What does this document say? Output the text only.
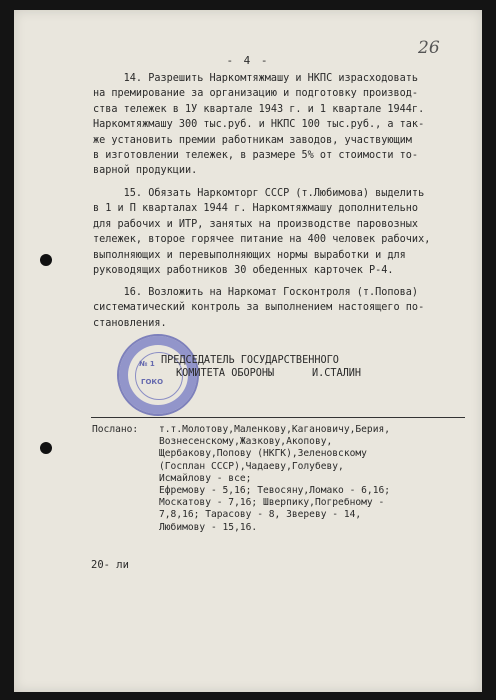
- 4 -
26
14. Разрешить Наркомтяжмашу и НКПС израсходовать
на премирование за организацию и подготовку производ-
ства тележек в 1У квартале 1943 г. и 1 квартале 1944г.
Наркомтяжмашу 300 тыс.руб. и НКПС 100 тыс.руб., а так-
же установить премии работникам заводов, участвующим
в изготовлении тележек, в размере 5% от стоимости то-
варной продукции.
15. Обязать Наркомторг СССР (т.Любимова) выделить
в 1 и П кварталах 1944 г. Наркомтяжмашу дополнительно
для рабочих и ИТР, занятых на производстве паровозных
тележек, второе горячее питание на 400 человек рабочих,
выполняющих и перевыполняющих нормы выработки и для
руководящих работников 30 обеденных карточек Р-4.
16. Возложить на Наркомат Госконтроля (т.Попова)
систематический контроль за выполнением настоящего по-
становления.
№ 1
ГОКО
ПРЕДСЕДАТЕЛЬ ГОСУДАРСТВЕННОГО
КОМИТЕТА ОБОРОНЫ	И.СТАЛИН
Послано: т.т.Молотову,Маленкову,Кагановичу,Берия,
Вознесенскому,Жазкову,Акопову,
Щербакову,Попову (НКГК),Зеленовскому
(Госплан СССР),Чадаеву,Голубеву,
Исмайлову - все;
Ефремову - 5,16; Тевосяну,Ломако - 6,16;
Москатову - 7,16; Шверпику,Погребному -
7,8,16; Тарасову - 8, Звереву - 14,
Любимову - 15,16.
20- ли
